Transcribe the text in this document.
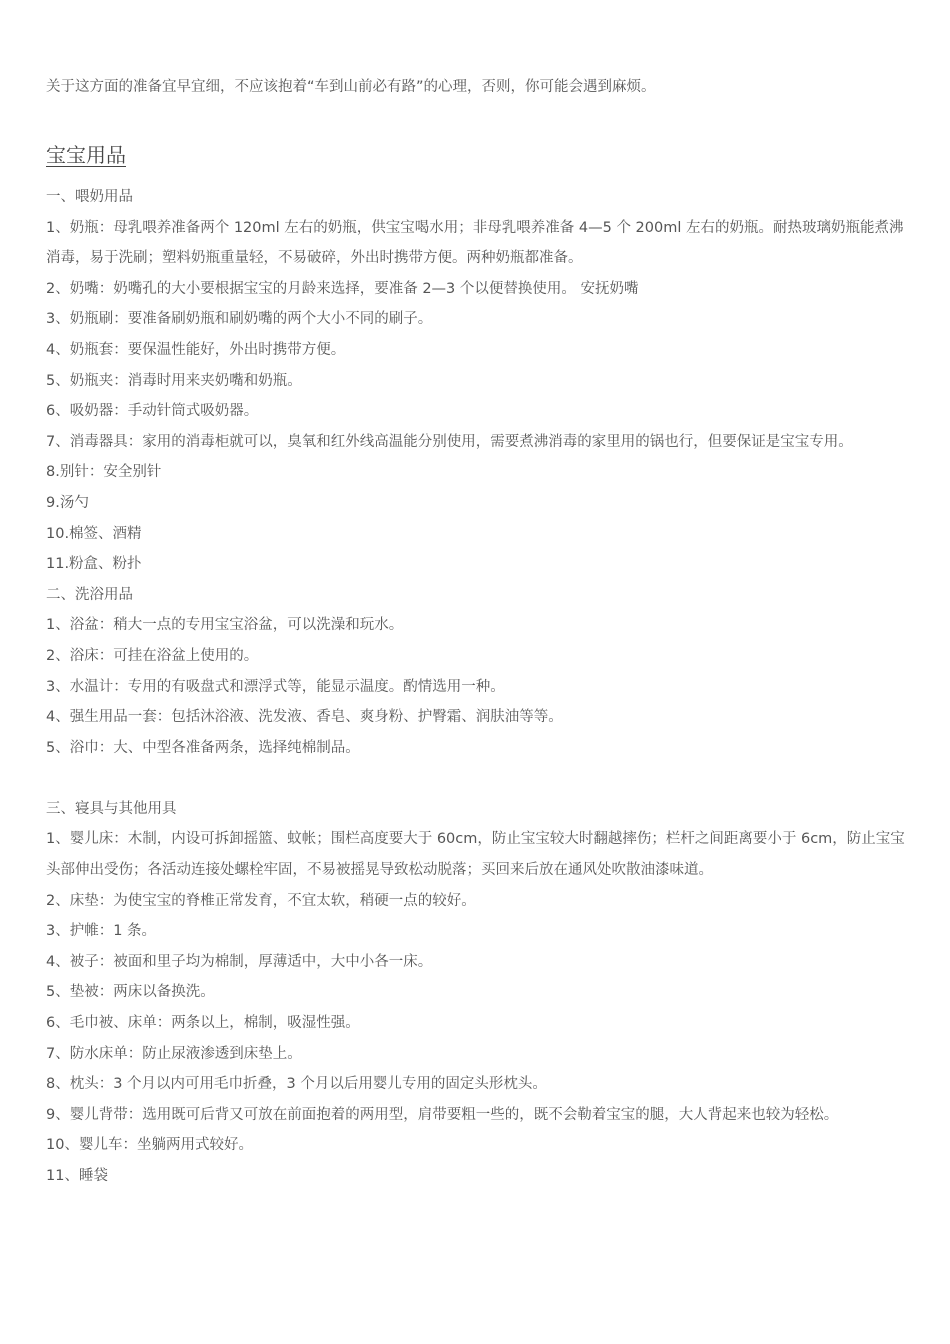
关于这方面的准备宜早宜细，不应该抱着“车到山前必有路”的心理，否则，你可能会遇到麻烦。
宝宝用品
一、喂奶用品
1、奶瓶：母乳喂养准备两个 120ml 左右的奶瓶，供宝宝喝水用；非母乳喂养准备 4—5 个 200ml 左右的奶瓶。耐热玻璃奶瓶能煮沸消毒，易于洗刷；塑料奶瓶重量轻，不易破碎，外出时携带方便。两种奶瓶都准备。
2、奶嘴：奶嘴孔的大小要根据宝宝的月龄来选择，要准备 2—3 个以便替换使用。 安抚奶嘴
3、奶瓶刷：要准备刷奶瓶和刷奶嘴的两个大小不同的刷子。
4、奶瓶套：要保温性能好，外出时携带方便。
5、奶瓶夹：消毒时用来夹奶嘴和奶瓶。
6、吸奶器：手动针筒式吸奶器。
7、消毒器具：家用的消毒柜就可以，臭氧和红外线高温能分别使用，需要煮沸消毒的家里用的锅也行，但要保证是宝宝专用。
8.别针：安全别针
9.汤勺
10.棉签、酒精
11.粉盒、粉扑
二、洗浴用品
1、浴盆：稍大一点的专用宝宝浴盆，可以洗澡和玩水。
2、浴床：可挂在浴盆上使用的。
3、水温计：专用的有吸盘式和漂浮式等，能显示温度。酌情选用一种。
4、强生用品一套：包括沐浴液、洗发液、香皂、爽身粉、护臀霜、润肤油等等。
5、浴巾：大、中型各准备两条，选择纯棉制品。
三、寝具与其他用具
1、婴儿床：木制，内设可拆卸摇篮、蚊帐；围栏高度要大于 60cm，防止宝宝较大时翻越摔伤；栏杆之间距离要小于 6cm，防止宝宝头部伸出受伤；各活动连接处螺栓牢固，不易被摇晃导致松动脱落；买回来后放在通风处吹散油漆味道。
2、床垫：为使宝宝的脊椎正常发育，不宜太软，稍硬一点的较好。
3、护帷：1 条。
4、被子：被面和里子均为棉制，厚薄适中，大中小各一床。
5、垫被：两床以备换洗。
6、毛巾被、床单：两条以上，棉制，吸湿性强。
7、防水床单：防止尿液渗透到床垫上。
8、枕头：3 个月以内可用毛巾折叠，3 个月以后用婴儿专用的固定头形枕头。
9、婴儿背带：选用既可后背又可放在前面抱着的两用型，肩带要粗一些的，既不会勒着宝宝的腿，大人背起来也较为轻松。
10、婴儿车：坐躺两用式较好。
11、睡袋
